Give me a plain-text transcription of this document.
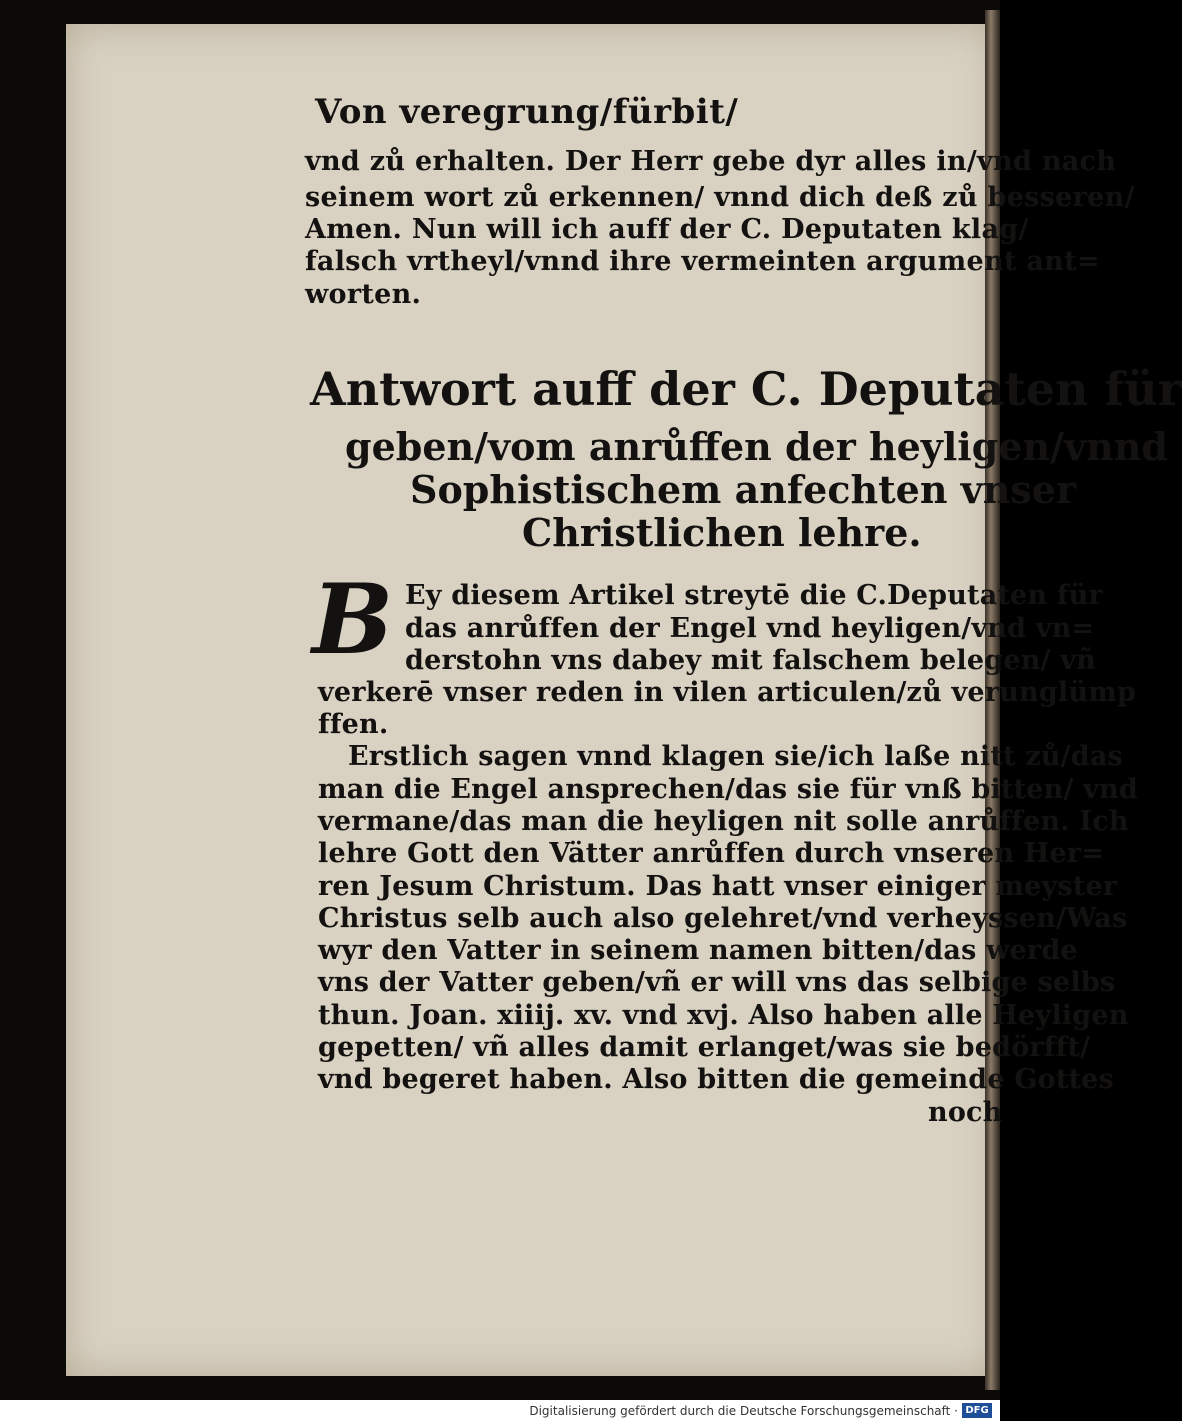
Von veregrung/fürbit/
vnd zů erhalten. Der Herr gebe dyr alles in/vnd nach
seinem wort zů erkennen/ vnnd dich deß zů besseren/
Amen. Nun will ich auff der C. Deputaten klag/
falsch vrtheyl/vnnd ihre vermeinten argument ant=
worten.
Antwort auff der C. Deputaten für
geben/vom anrůffen der heyligen/vnnd
Sophistischem anfechten vnser
Christlichen lehre.
B Ey diesem Artikel streytē die C.Deputaten für
das anrůffen der Engel vnd heyligen/vnd vn=
derstohn vns dabey mit falschem belegen/ vñ
verkerē vnser reden in vilen articulen/zů verunglümp
ffen.
Erstlich sagen vnnd klagen sie/ich laße nitt zů/das
man die Engel ansprechen/das sie für vnß bitten/ vnd
vermane/das man die heyligen nit solle anrůffen. Ich
lehre Gott den Vätter anrůffen durch vnseren Her=
ren Jesum Christum. Das hatt vnser einiger meyster
Christus selb auch also gelehret/vnd verheyssen/Was
wyr den Vatter in seinem namen bitten/das werde
vns der Vatter geben/vñ er will vns das selbige selbs
thun. Joan. xiiij. xv. vnd xvj. Also haben alle Heyligen
gepetten/ vñ alles damit erlanget/was sie bedörfft/
vnd begeret haben. Also bitten die gemeinde Gottes
noch
Digitalisierung gefördert durch die Deutsche Forschungsgemeinschaft · DFG
